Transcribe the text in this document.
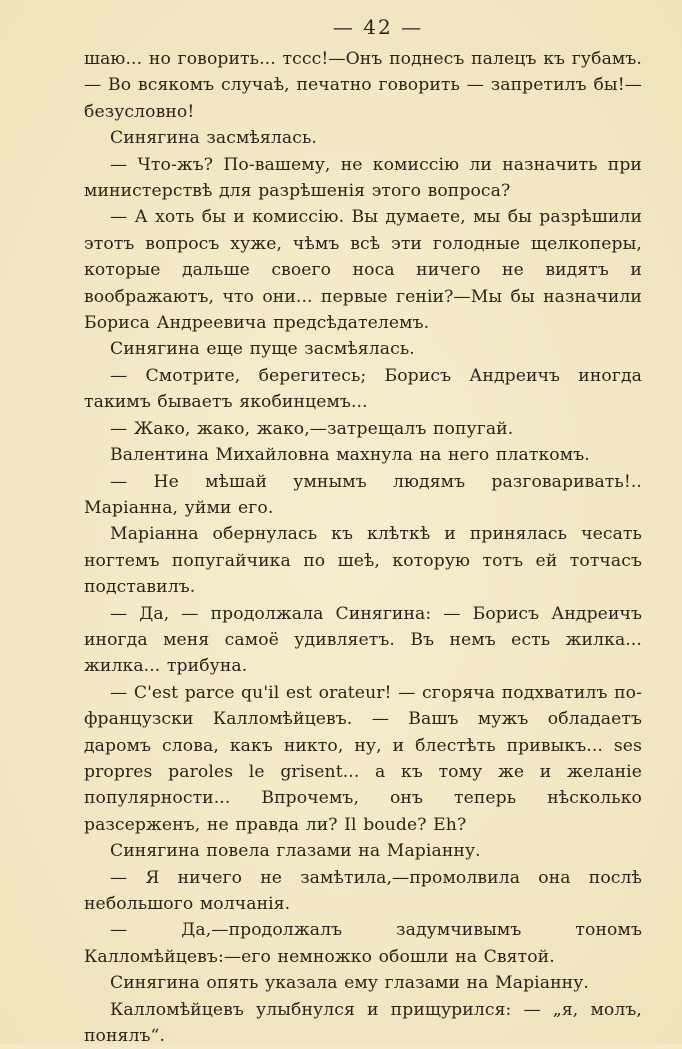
— 42 —

шаю... но говорить... тссс!—Онъ поднесъ палецъ къ губамъ. — Во всякомъ случаѣ, печатно говорить — запретилъ бы!—безусловно!

Синягина засмѣялась.

— Что-жъ? По-вашему, не комиссію ли назначить при министерствѣ для разрѣшенія этого вопроса?

— А хоть бы и комиссію. Вы думаете, мы бы разрѣшили этотъ вопросъ хуже, чѣмъ всѣ эти голодные щелкоперы, которые дальше своего носа ничего не видятъ и воображаютъ, что они... первые геніи?—Мы бы назначили Бориса Андреевича предсѣдателемъ.

Синягина еще пуще засмѣялась.

— Смотрите, берегитесь; Борисъ Андреичъ иногда такимъ бываетъ якобинцемъ...

— Жако, жако, жако,—затрещалъ попугай.

Валентина Михайловна махнула на него платкомъ.

— Не мѣшай умнымъ людямъ разговаривать!.. Маріанна, уйми его.

Маріанна обернулась къ клѣткѣ и принялась чесать ногтемъ попугайчика по шеѣ, которую тотъ ей тотчасъ подставилъ.

— Да, — продолжала Синягина: — Борисъ Андреичъ иногда меня самоё удивляетъ. Въ немъ есть жилка... жилка... трибуна.

— C'est parce qu'il est orateur! — сгоряча подхватилъ по-французски Калломѣйцевъ. — Вашъ мужъ обладаетъ даромъ слова, какъ никто, ну, и блестѣть привыкъ... ses propres paroles le grisent... а къ тому же и желаніе популярности... Впрочемъ, онъ теперь нѣсколько разсерженъ, не правда ли? Il boude? Eh?

Синягина повела глазами на Маріанну.

— Я ничего не замѣтила,—промолвила она послѣ небольшого молчанія.

— Да,—продолжалъ задумчивымъ тономъ Калломѣйцевъ:—его немножко обошли на Святой.

Синягина опять указала ему глазами на Маріанну.

Калломѣйцевъ улыбнулся и прищурился: — „я, молъ, понялъ“.
